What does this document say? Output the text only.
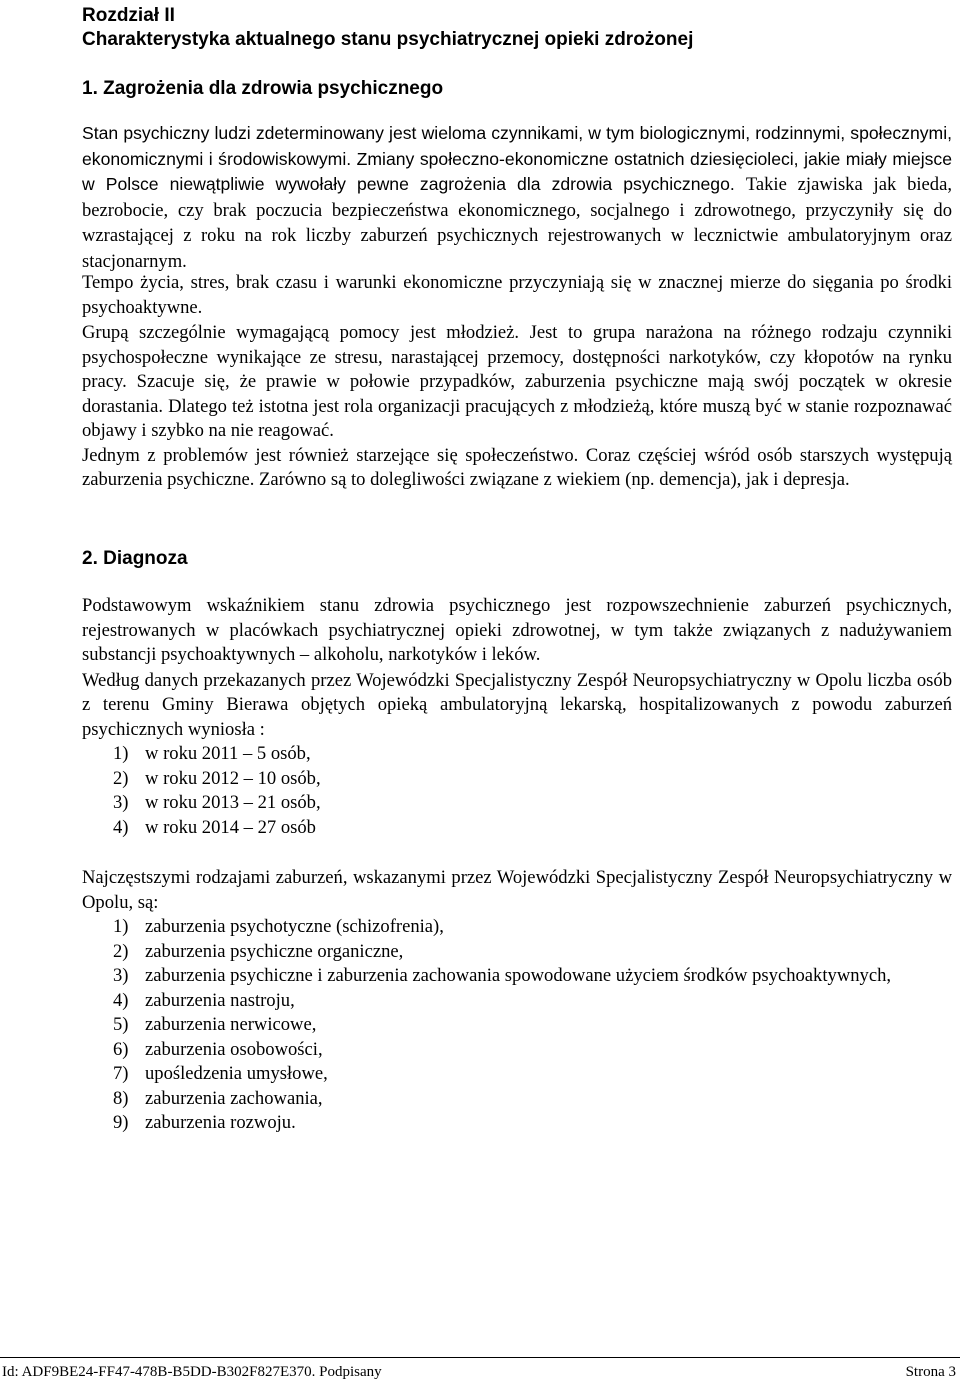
Rozdział II
Charakterystyka aktualnego stanu psychiatrycznej opieki zdrożonej
1. Zagrożenia dla zdrowia psychicznego

Stan psychiczny ludzi zdeterminowany jest wieloma czynnikami, w tym biologicznymi, rodzinnymi, społecznymi, ekonomicznymi i środowiskowymi. Zmiany społeczno-ekonomiczne ostatnich dziesięcioleci, jakie miały miejsce w Polsce niewątpliwie wywołały pewne zagrożenia dla zdrowia psychicznego. Takie zjawiska jak bieda, bezrobocie, czy brak poczucia bezpieczeństwa ekonomicznego, socjalnego i zdrowotnego, przyczyniły się do wzrastającej z roku na rok liczby zaburzeń psychicznych rejestrowanych w lecznictwie ambulatoryjnym oraz stacjonarnym.

Tempo życia, stres, brak czasu i warunki ekonomiczne przyczyniają się w znacznej mierze do sięgania po środki psychoaktywne.

Grupą szczególnie wymagającą pomocy jest młodzież. Jest to grupa narażona na różnego rodzaju czynniki psychospołeczne wynikające ze stresu, narastającej przemocy, dostępności narkotyków, czy kłopotów na rynku pracy. Szacuje się, że prawie w połowie przypadków, zaburzenia psychiczne mają swój początek w okresie dorastania. Dlatego też istotna jest rola organizacji pracujących z młodzieżą, które muszą być w stanie rozpoznawać objawy i szybko na nie reagować.

Jednym z problemów jest również starzejące się społeczeństwo. Coraz częściej wśród osób starszych występują zaburzenia psychiczne. Zarówno są to dolegliwości związane z wiekiem (np. demencja), jak i depresja.

2. Diagnoza

Podstawowym wskaźnikiem stanu zdrowia psychicznego jest rozpowszechnienie zaburzeń psychicznych, rejestrowanych w placówkach psychiatrycznej opieki zdrowotnej, w tym także związanych z nadużywaniem substancji psychoaktywnych – alkoholu, narkotyków i leków.

Według danych przekazanych przez Wojewódzki Specjalistyczny Zespół Neuropsychiatryczny w Opolu liczba osób z terenu Gminy Bierawa objętych opieką ambulatoryjną lekarską, hospitalizowanych z powodu zaburzeń psychicznych wyniosła :

1) w roku 2011 – 5 osób,
2) w roku 2012 – 10 osób,
3) w roku 2013 – 21 osób,
4) w roku 2014 – 27 osób

Najczęstszymi rodzajami zaburzeń, wskazanymi przez Wojewódzki Specjalistyczny Zespół Neuropsychiatryczny w Opolu, są:

1) zaburzenia psychotyczne (schizofrenia),
2) zaburzenia psychiczne organiczne,
3) zaburzenia psychiczne i zaburzenia zachowania spowodowane użyciem środków psychoaktywnych,
4) zaburzenia nastroju,
5) zaburzenia nerwicowe,
6) zaburzenia osobowości,
7) upośledzenia umysłowe,
8) zaburzenia zachowania,
9) zaburzenia rozwoju.
Id: ADF9BE24-FF47-478B-B5DD-B302F827E370. Podpisany	Strona 3
